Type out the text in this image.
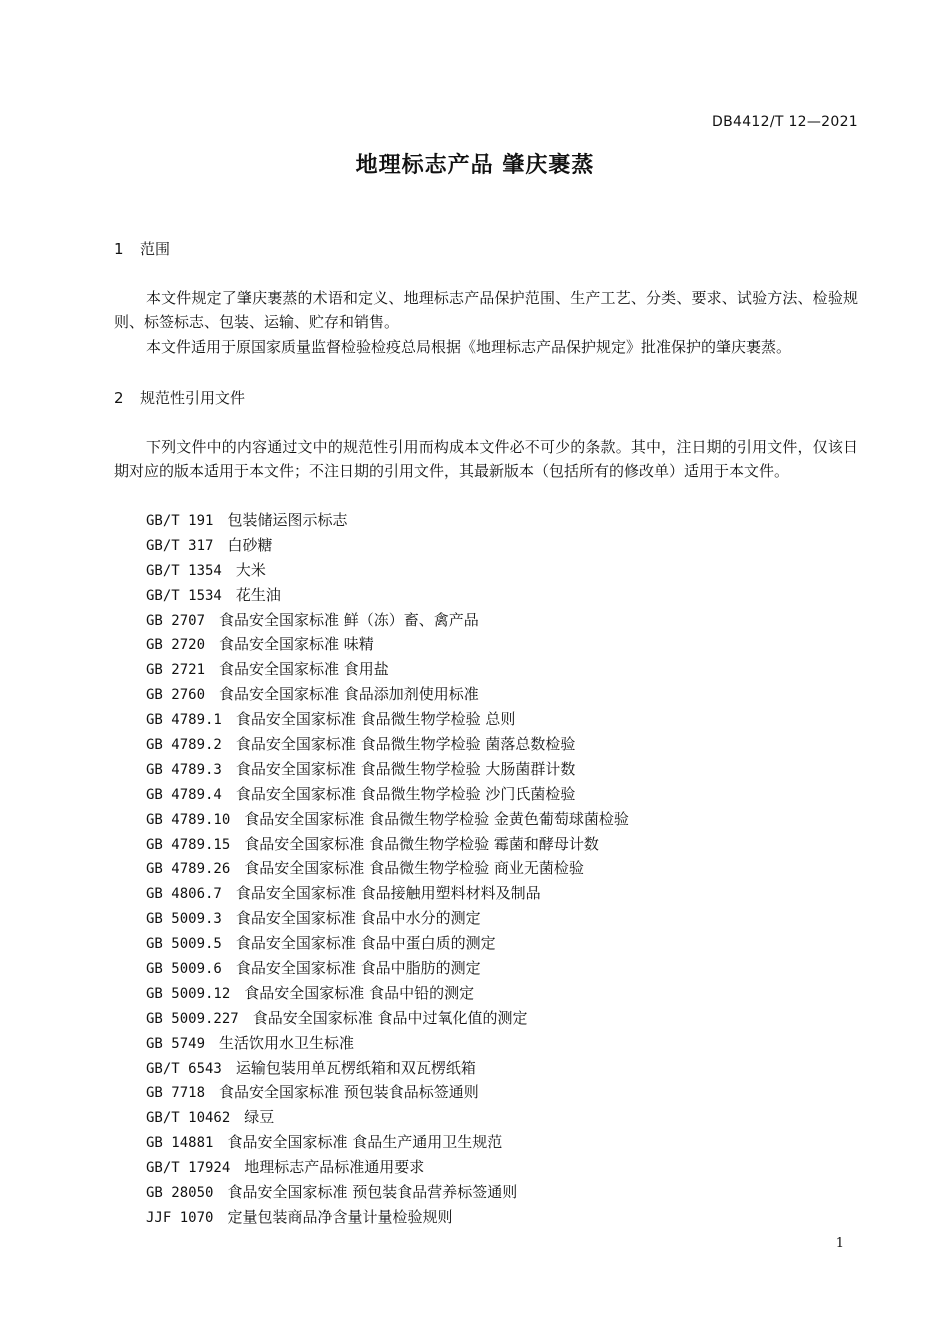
DB4412/T 12—2021
地理标志产品 肇庆裹蒸
1 范围
本文件规定了肇庆裹蒸的术语和定义、地理标志产品保护范围、生产工艺、分类、要求、试验方法、检验规则、标签标志、包装、运输、贮存和销售。
本文件适用于原国家质量监督检验检疫总局根据《地理标志产品保护规定》批准保护的肇庆裹蒸。
2 规范性引用文件
下列文件中的内容通过文中的规范性引用而构成本文件必不可少的条款。其中，注日期的引用文件，仅该日期对应的版本适用于本文件；不注日期的引用文件，其最新版本（包括所有的修改单）适用于本文件。
GB/T 191 包装储运图示标志
GB/T 317 白砂糖
GB/T 1354 大米
GB/T 1534 花生油
GB 2707 食品安全国家标准 鲜（冻）畜、禽产品
GB 2720 食品安全国家标准 味精
GB 2721 食品安全国家标准 食用盐
GB 2760 食品安全国家标准 食品添加剂使用标准
GB 4789.1 食品安全国家标准 食品微生物学检验 总则
GB 4789.2 食品安全国家标准 食品微生物学检验 菌落总数检验
GB 4789.3 食品安全国家标准 食品微生物学检验 大肠菌群计数
GB 4789.4 食品安全国家标准 食品微生物学检验 沙门氏菌检验
GB 4789.10 食品安全国家标准 食品微生物学检验 金黄色葡萄球菌检验
GB 4789.15 食品安全国家标准 食品微生物学检验 霉菌和酵母计数
GB 4789.26 食品安全国家标准 食品微生物学检验 商业无菌检验
GB 4806.7 食品安全国家标准 食品接触用塑料材料及制品
GB 5009.3 食品安全国家标准 食品中水分的测定
GB 5009.5 食品安全国家标准 食品中蛋白质的测定
GB 5009.6 食品安全国家标准 食品中脂肪的测定
GB 5009.12 食品安全国家标准 食品中铅的测定
GB 5009.227 食品安全国家标准 食品中过氧化值的测定
GB 5749 生活饮用水卫生标准
GB/T 6543 运输包装用单瓦楞纸箱和双瓦楞纸箱
GB 7718 食品安全国家标准 预包装食品标签通则
GB/T 10462 绿豆
GB 14881 食品安全国家标准 食品生产通用卫生规范
GB/T 17924 地理标志产品标准通用要求
GB 28050 食品安全国家标准 预包装食品营养标签通则
JJF 1070 定量包装商品净含量计量检验规则
1
